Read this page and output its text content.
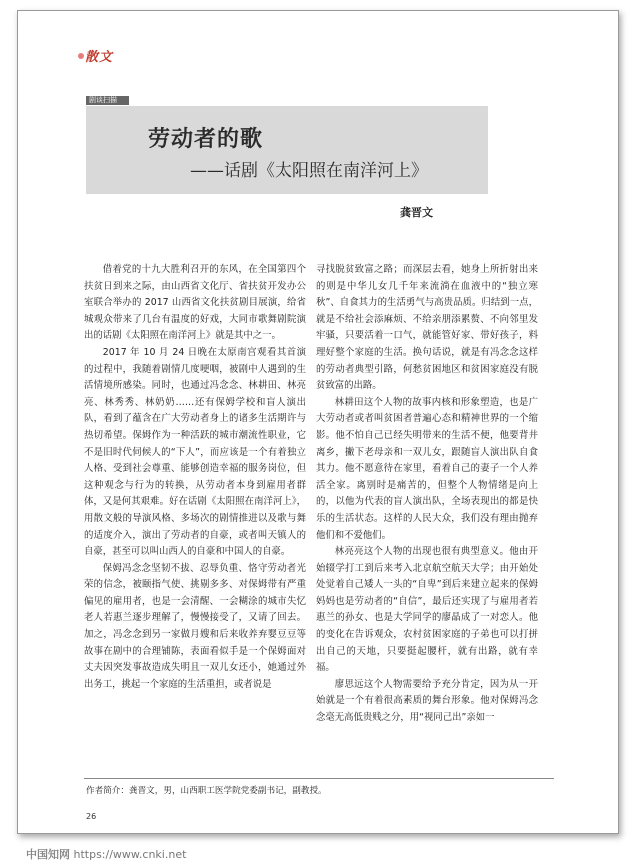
散文
剧谈扫描
劳动者的歌
——话剧《太阳照在南洋河上》
龚晋文

借着党的十九大胜利召开的东风，在全国第四个扶贫日到来之际，由山西省文化厅、省扶贫开发办公室联合举办的 2017 山西省文化扶贫剧目展演，给省城观众带来了几台有温度的好戏，大同市歌舞剧院演出的话剧《太阳照在南洋河上》就是其中之一。

2017 年 10 月 24 日晚在太原南宫观看其首演的过程中，我随着剧情几度哽咽，被剧中人遇到的生活情境所感染。同时，也通过冯念念、林耕田、林亮亮、林秀秀、林奶奶……还有保姆学校和盲人演出队，看到了蕴含在广大劳动者身上的诸多生活期许与热切希望。保姆作为一种活跃的城市潮流性职业，它不是旧时代伺候人的“下人”，而应该是一个有着独立人格、受到社会尊重、能够创造幸福的服务岗位，但这种观念与行为的转换，从劳动者本身到雇用者群体，又是何其艰难。好在话剧《太阳照在南洋河上》，用散文般的导演风格、多场次的剧情推进以及歌与舞的适度介入，演出了劳动者的自豪，或者叫天镇人的自豪，甚至可以叫山西人的自豪和中国人的自豪。

保姆冯念念坚韧不拔、忍辱负重、恪守劳动者光荣的信念，被颐指气使、挑剔多多、对保姆带有严重偏见的雇用者，也是一会清醒、一会糊涂的城市失忆老人若惠兰逐步理解了，慢慢接受了，又请了回去。加之，冯念念到另一家做月嫂和后来收养弃婴豆豆等故事在剧中的合理铺陈，表面看似手是一个保姆面对丈夫因突发事故造成失明且一双儿女还小，她通过外出务工，挑起一个家庭的生活重担，或者说是

寻找脱贫致富之路；而深层去看，她身上所折射出来的则是中华儿女几千年来流淌在血液中的“独立寒秋”、自食其力的生活勇气与高贵品质。归结到一点，就是不给社会添麻烦、不给亲朋添累赘、不向邻里发牢骚，只要活着一口气，就能管好家、带好孩子，料理好整个家庭的生活。换句话说，就是有冯念念这样的劳动者典型引路，何愁贫困地区和贫困家庭没有脱贫致富的出路。

林耕田这个人物的故事内核和形象塑造，也是广大劳动者或者叫贫困者普遍心态和精神世界的一个缩影。他不怕自己已经失明带来的生活不便，他要背井离乡，撇下老母亲和一双儿女，跟随盲人演出队自食其力。他不愿意待在家里，看着自己的妻子一个人养活全家。离别时是痛苦的，但整个人物情绪是向上的，以他为代表的盲人演出队，全场表现出的都是快乐的生活状态。这样的人民大众，我们没有理由抛弃他们和不爱他们。

林亮亮这个人物的出现也很有典型意义。他由开始辍学打工到后来考入北京航空航天大学；由开始处处觉着自己矮人一头的“自卑”到后来建立起来的保姆妈妈也是劳动者的“自信”，最后还实现了与雇用者若惠兰的孙女、也是大学同学的廖晶成了一对恋人。他的变化在告诉观众，农村贫困家庭的子弟也可以打拼出自己的天地，只要挺起腰杆，就有出路，就有幸福。

廖思远这个人物需要给予充分肯定，因为从一开始就是一个有着很高素质的舞台形象。他对保姆冯念念毫无高低贵贱之分，用“视同己出”亲如一

作者简介：龚晋文，男，山西职工医学院党委副书记，副教授。
26
中国知网 https://www.cnki.net
